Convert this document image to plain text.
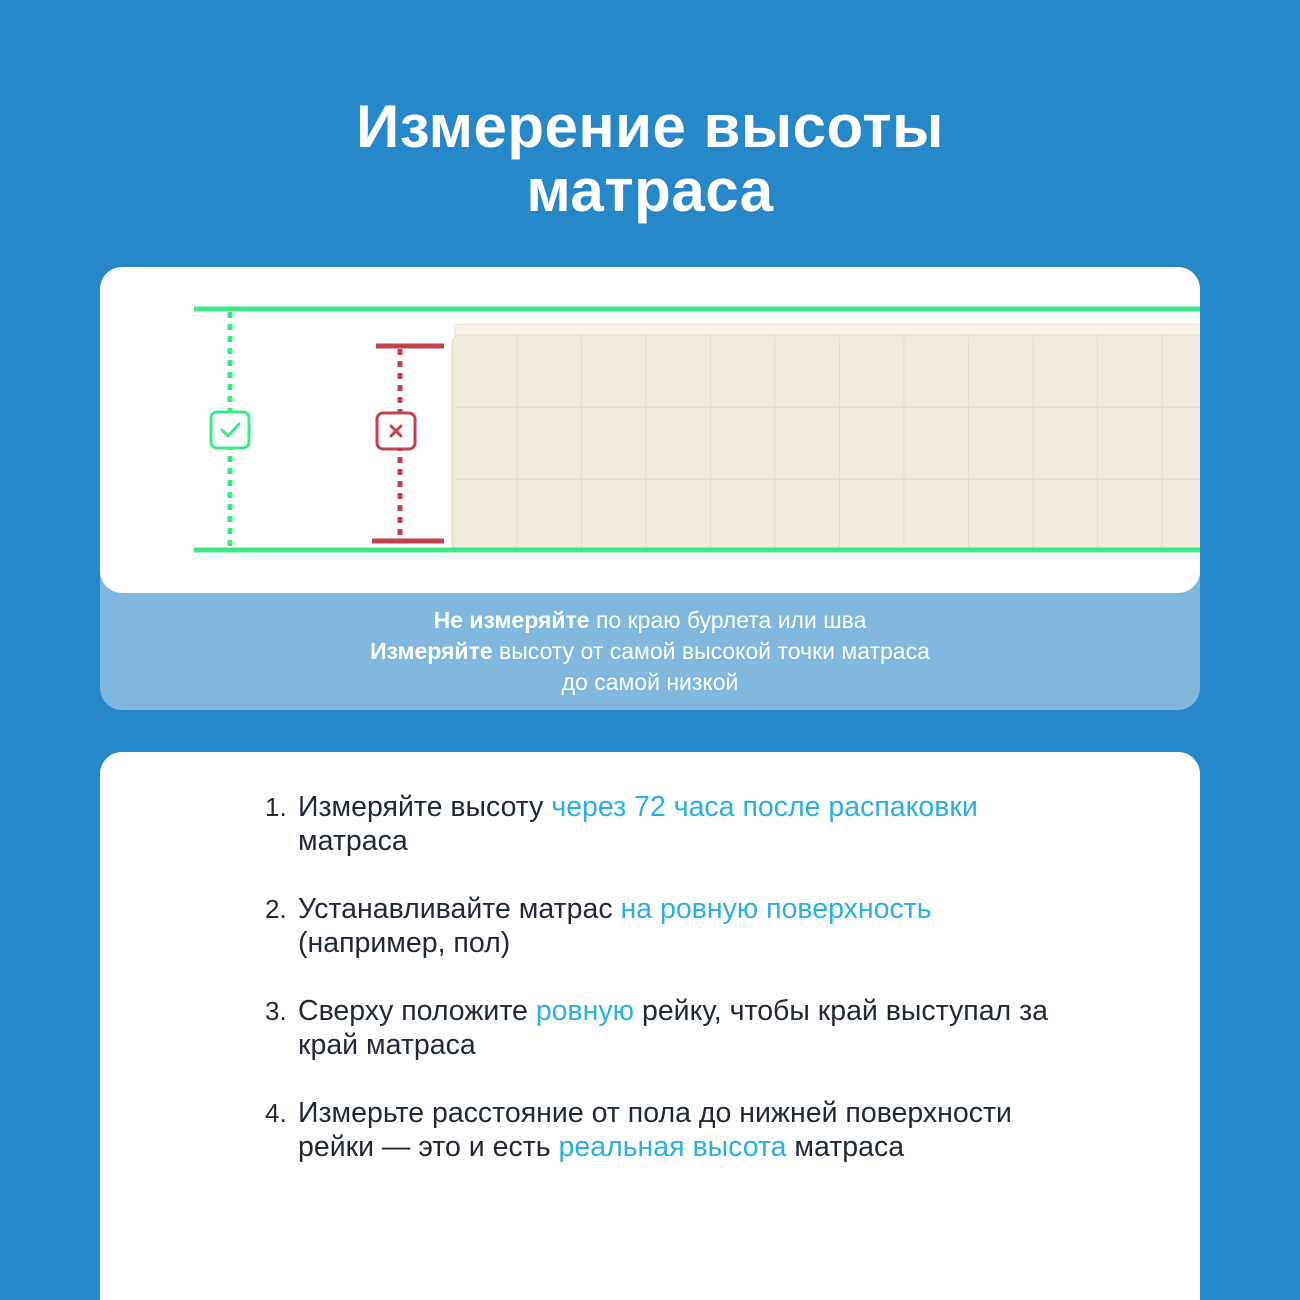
Измерение высоты
матраса

Не измеряйте по краю бурлета или шва

Измеряйте высоту от самой высокой точки матраса

до самой низкой

1. Измеряйте высоту через 72 часа после распаковки матраса
2. Устанавливайте матрас на ровную поверхность (например, пол)
3. Сверху положите ровную рейку, чтобы край выступал за край матраса
4. Измерьте расстояние от пола до нижней поверхности рейки — это и есть реальная высота матраса
